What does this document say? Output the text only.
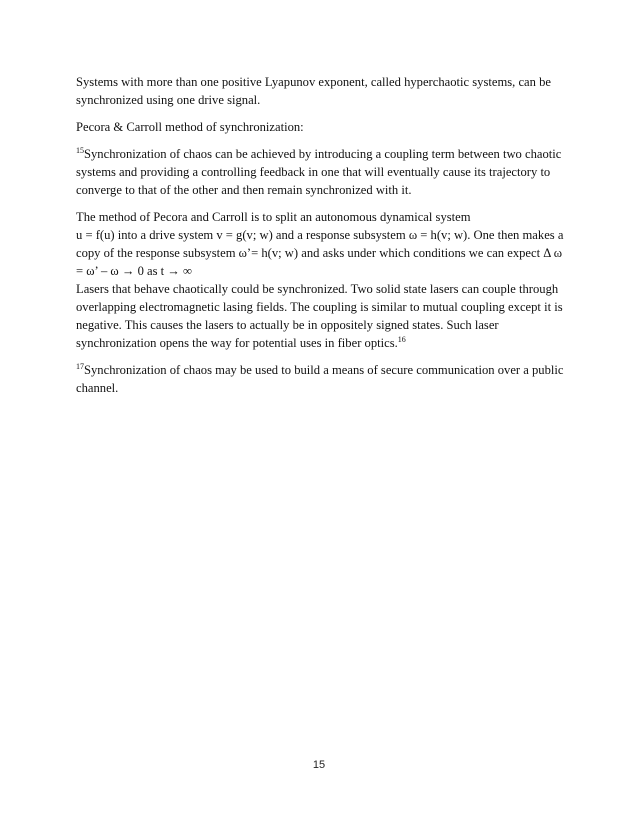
Systems with more than one positive Lyapunov exponent, called hyperchaotic systems, can be synchronized using one drive signal.

Pecora & Carroll method of synchronization:

$^{15}$Synchronization of chaos can be achieved by introducing a coupling term between two chaotic systems and providing a controlling feedback in one that will eventually cause its trajectory to converge to that of the other and then remain synchronized with it.

The method of Pecora and Carroll is to split an autonomous dynamical system
u = f(u) into a drive system v = g(v; w) and a response subsystem ω = h(v; w). One then makes a copy of the response subsystem ω’= h(v; w) and asks under which conditions we can expect Δ ω = ω’ – ω → 0 as t → ∞
Lasers that behave chaotically could be synchronized. Two solid state lasers can couple through overlapping electromagnetic lasing fields. The coupling is similar to mutual coupling except it is negative. This causes the lasers to actually be in oppositely signed states. Such laser synchronization opens the way for potential uses in fiber optics.$^{16}$

$^{17}$Synchronization of chaos may be used to build a means of secure communication over a public channel.

15
